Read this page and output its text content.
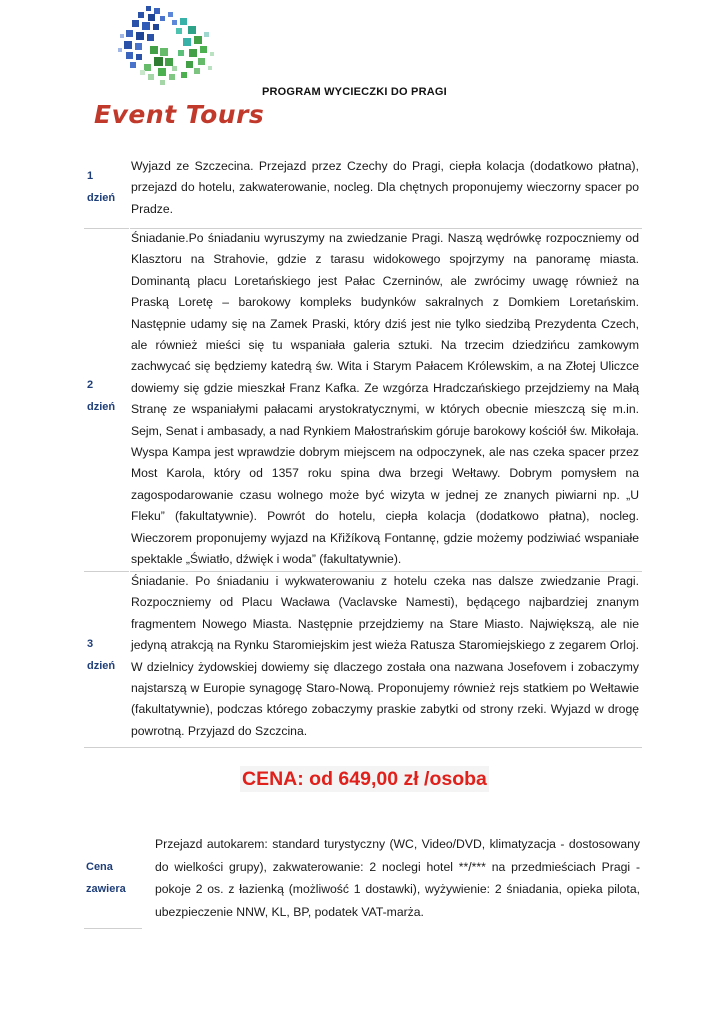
Event Tours
PROGRAM WYCIECZKI DO PRAGI
1
dzień
Wyjazd ze Szczecina. Przejazd przez Czechy do Pragi, ciepła kolacja (dodatkowo płatna), przejazd do hotelu, zakwaterowanie, nocleg. Dla chętnych proponujemy wieczorny spacer po Pradze.
2
dzień
Śniadanie.Po śniadaniu wyruszymy na zwiedzanie Pragi. Naszą wędrówkę rozpoczniemy od Klasztoru na Strahovie, gdzie z tarasu widokowego spojrzymy na panoramę miasta. Dominantą placu Loretańskiego jest Pałac Czerninów, ale zwrócimy uwagę również na Praską Loretę – barokowy kompleks budynków sakralnych z Domkiem Loretańskim. Następnie udamy się na Zamek Praski, który dziś jest nie tylko siedzibą Prezydenta Czech, ale również mieści się tu wspaniała galeria sztuki. Na trzecim dziedzińcu zamkowym zachwycać się będziemy katedrą św. Wita i Starym Pałacem Królewskim, a na Złotej Uliczce dowiemy się gdzie mieszkał Franz Kafka. Ze wzgórza Hradczańskiego przejdziemy na Małą Stranę ze wspaniałymi pałacami arystokratycznymi, w których obecnie mieszczą się m.in. Sejm, Senat i ambasady, a nad Rynkiem Małostrańskim góruje barokowy kościół św. Mikołaja. Wyspa Kampa jest wprawdzie dobrym miejscem na odpoczynek, ale nas czeka spacer przez Most Karola, który od 1357 roku spina dwa brzegi Wełtawy. Dobrym pomysłem na zagospodarowanie czasu wolnego może być wizyta w jednej ze znanych piwiarni np. „U Fleku” (fakultatywnie). Powrót do hotelu, ciepła kolacja (dodatkowo płatna), nocleg. Wieczorem proponujemy wyjazd na Křižíkovą Fontannę, gdzie możemy podziwiać wspaniałe spektakle „Światło, dźwięk i woda” (fakultatywnie).
3
dzień
Śniadanie. Po śniadaniu i wykwaterowaniu z hotelu czeka nas dalsze zwiedzanie Pragi. Rozpoczniemy od Placu Wacława (Vaclavske Namesti), będącego najbardziej znanym fragmentem Nowego Miasta. Następnie przejdziemy na Stare Miasto. Największą, ale nie jedyną atrakcją na Rynku Staromiejskim jest wieża Ratusza Staromiejskiego z zegarem Orloj. W dzielnicy żydowskiej dowiemy się dlaczego została ona nazwana Josefovem i zobaczymy najstarszą w Europie synagogę Staro-Nową. Proponujemy również rejs statkiem po Wełtawie (fakultatywnie), podczas którego zobaczymy praskie zabytki od strony rzeki. Wyjazd w drogę powrotną. Przyjazd do Szczcina.
CENA: od 649,00 zł /osoba
Cena
zawiera
Przejazd autokarem: standard turystyczny (WC, Video/DVD, klimatyzacja - dostosowany do wielkości grupy), zakwaterowanie: 2 noclegi hotel **/*** na przedmieściach Pragi - pokoje 2 os. z łazienką (możliwość 1 dostawki), wyżywienie: 2 śniadania, opieka pilota, ubezpieczenie NNW, KL, BP, podatek VAT-marża.
